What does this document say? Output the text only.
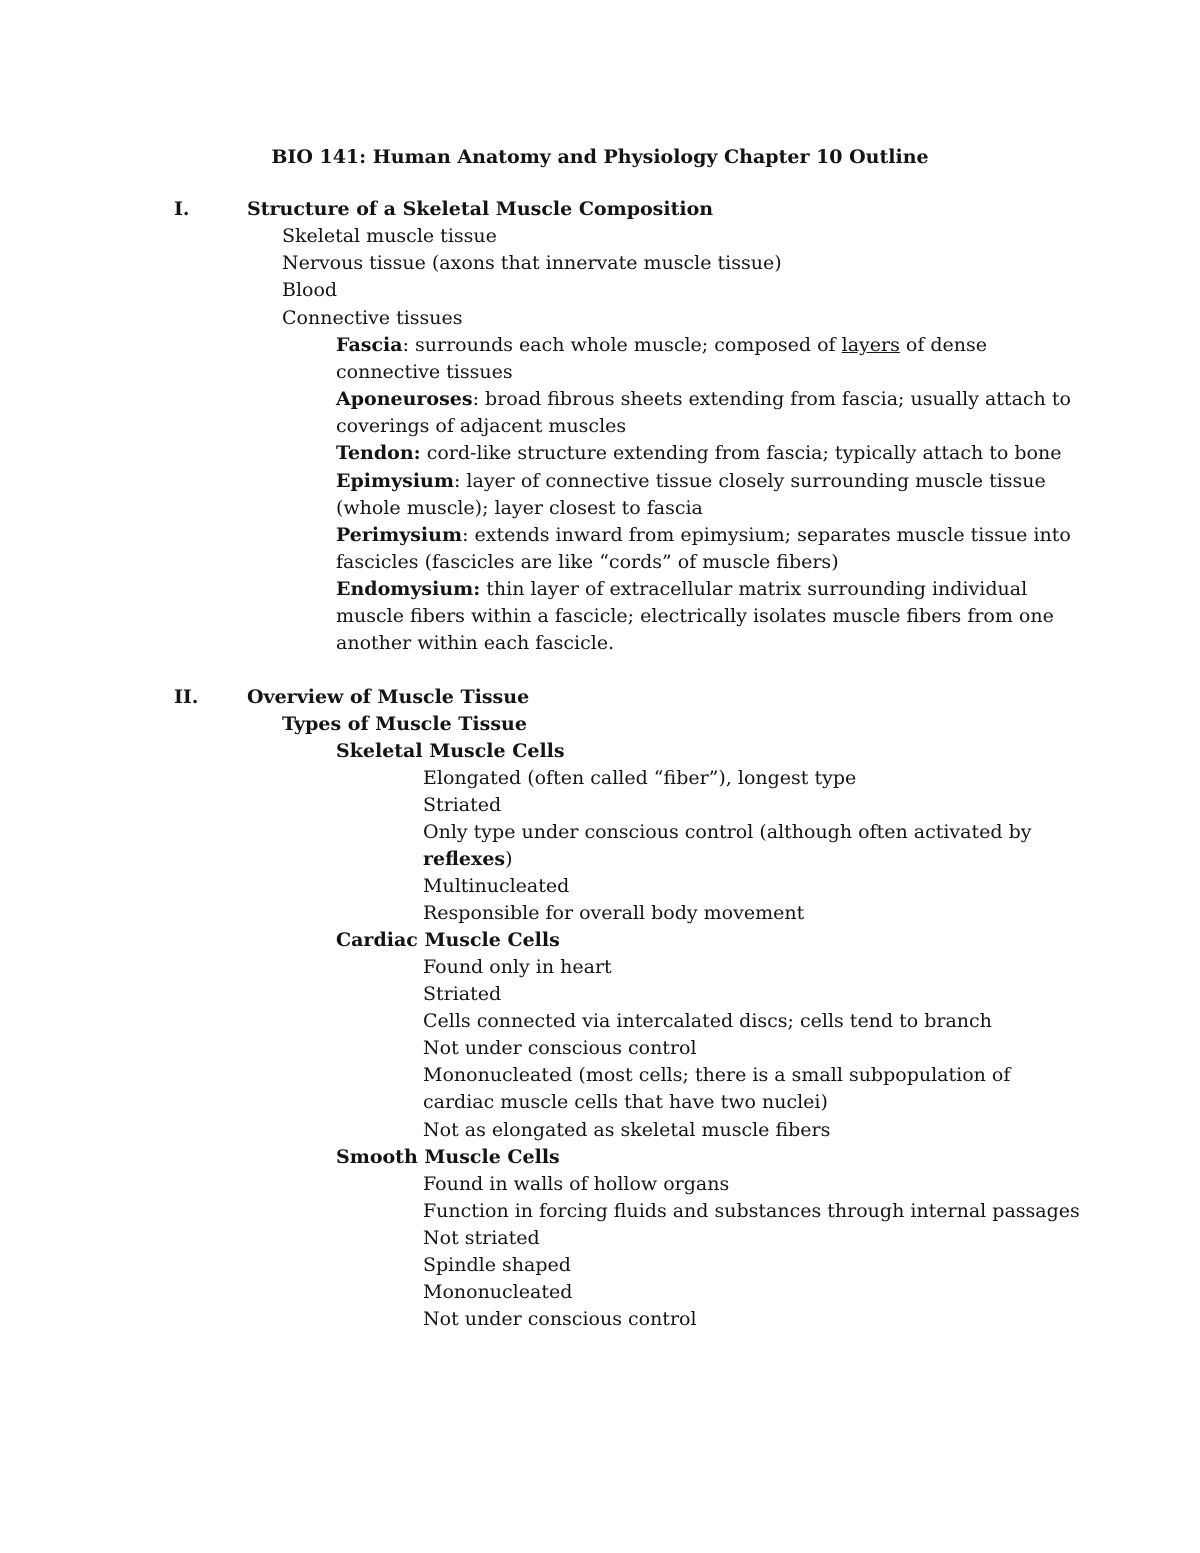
BIO 141: Human Anatomy and Physiology Chapter 10 Outline
I.	Structure of a Skeletal Muscle Composition
Skeletal muscle tissue
Nervous tissue (axons that innervate muscle tissue)
Blood
Connective tissues
Fascia: surrounds each whole muscle; composed of layers of dense
connective tissues
Aponeuroses: broad fibrous sheets extending from fascia; usually attach to
coverings of adjacent muscles
Tendon: cord-like structure extending from fascia; typically attach to bone
Epimysium: layer of connective tissue closely surrounding muscle tissue
(whole muscle); layer closest to fascia
Perimysium: extends inward from epimysium; separates muscle tissue into
fascicles (fascicles are like “cords” of muscle fibers)
Endomysium: thin layer of extracellular matrix surrounding individual
muscle fibers within a fascicle; electrically isolates muscle fibers from one
another within each fascicle.
II.	Overview of Muscle Tissue
Types of Muscle Tissue
Skeletal Muscle Cells
Elongated (often called “fiber”), longest type
Striated
Only type under conscious control (although often activated by
reflexes)
Multinucleated
Responsible for overall body movement
Cardiac Muscle Cells
Found only in heart
Striated
Cells connected via intercalated discs; cells tend to branch
Not under conscious control
Mononucleated (most cells; there is a small subpopulation of
cardiac muscle cells that have two nuclei)
Not as elongated as skeletal muscle fibers
Smooth Muscle Cells
Found in walls of hollow organs
Function in forcing fluids and substances through internal passages
Not striated
Spindle shaped
Mononucleated
Not under conscious control
